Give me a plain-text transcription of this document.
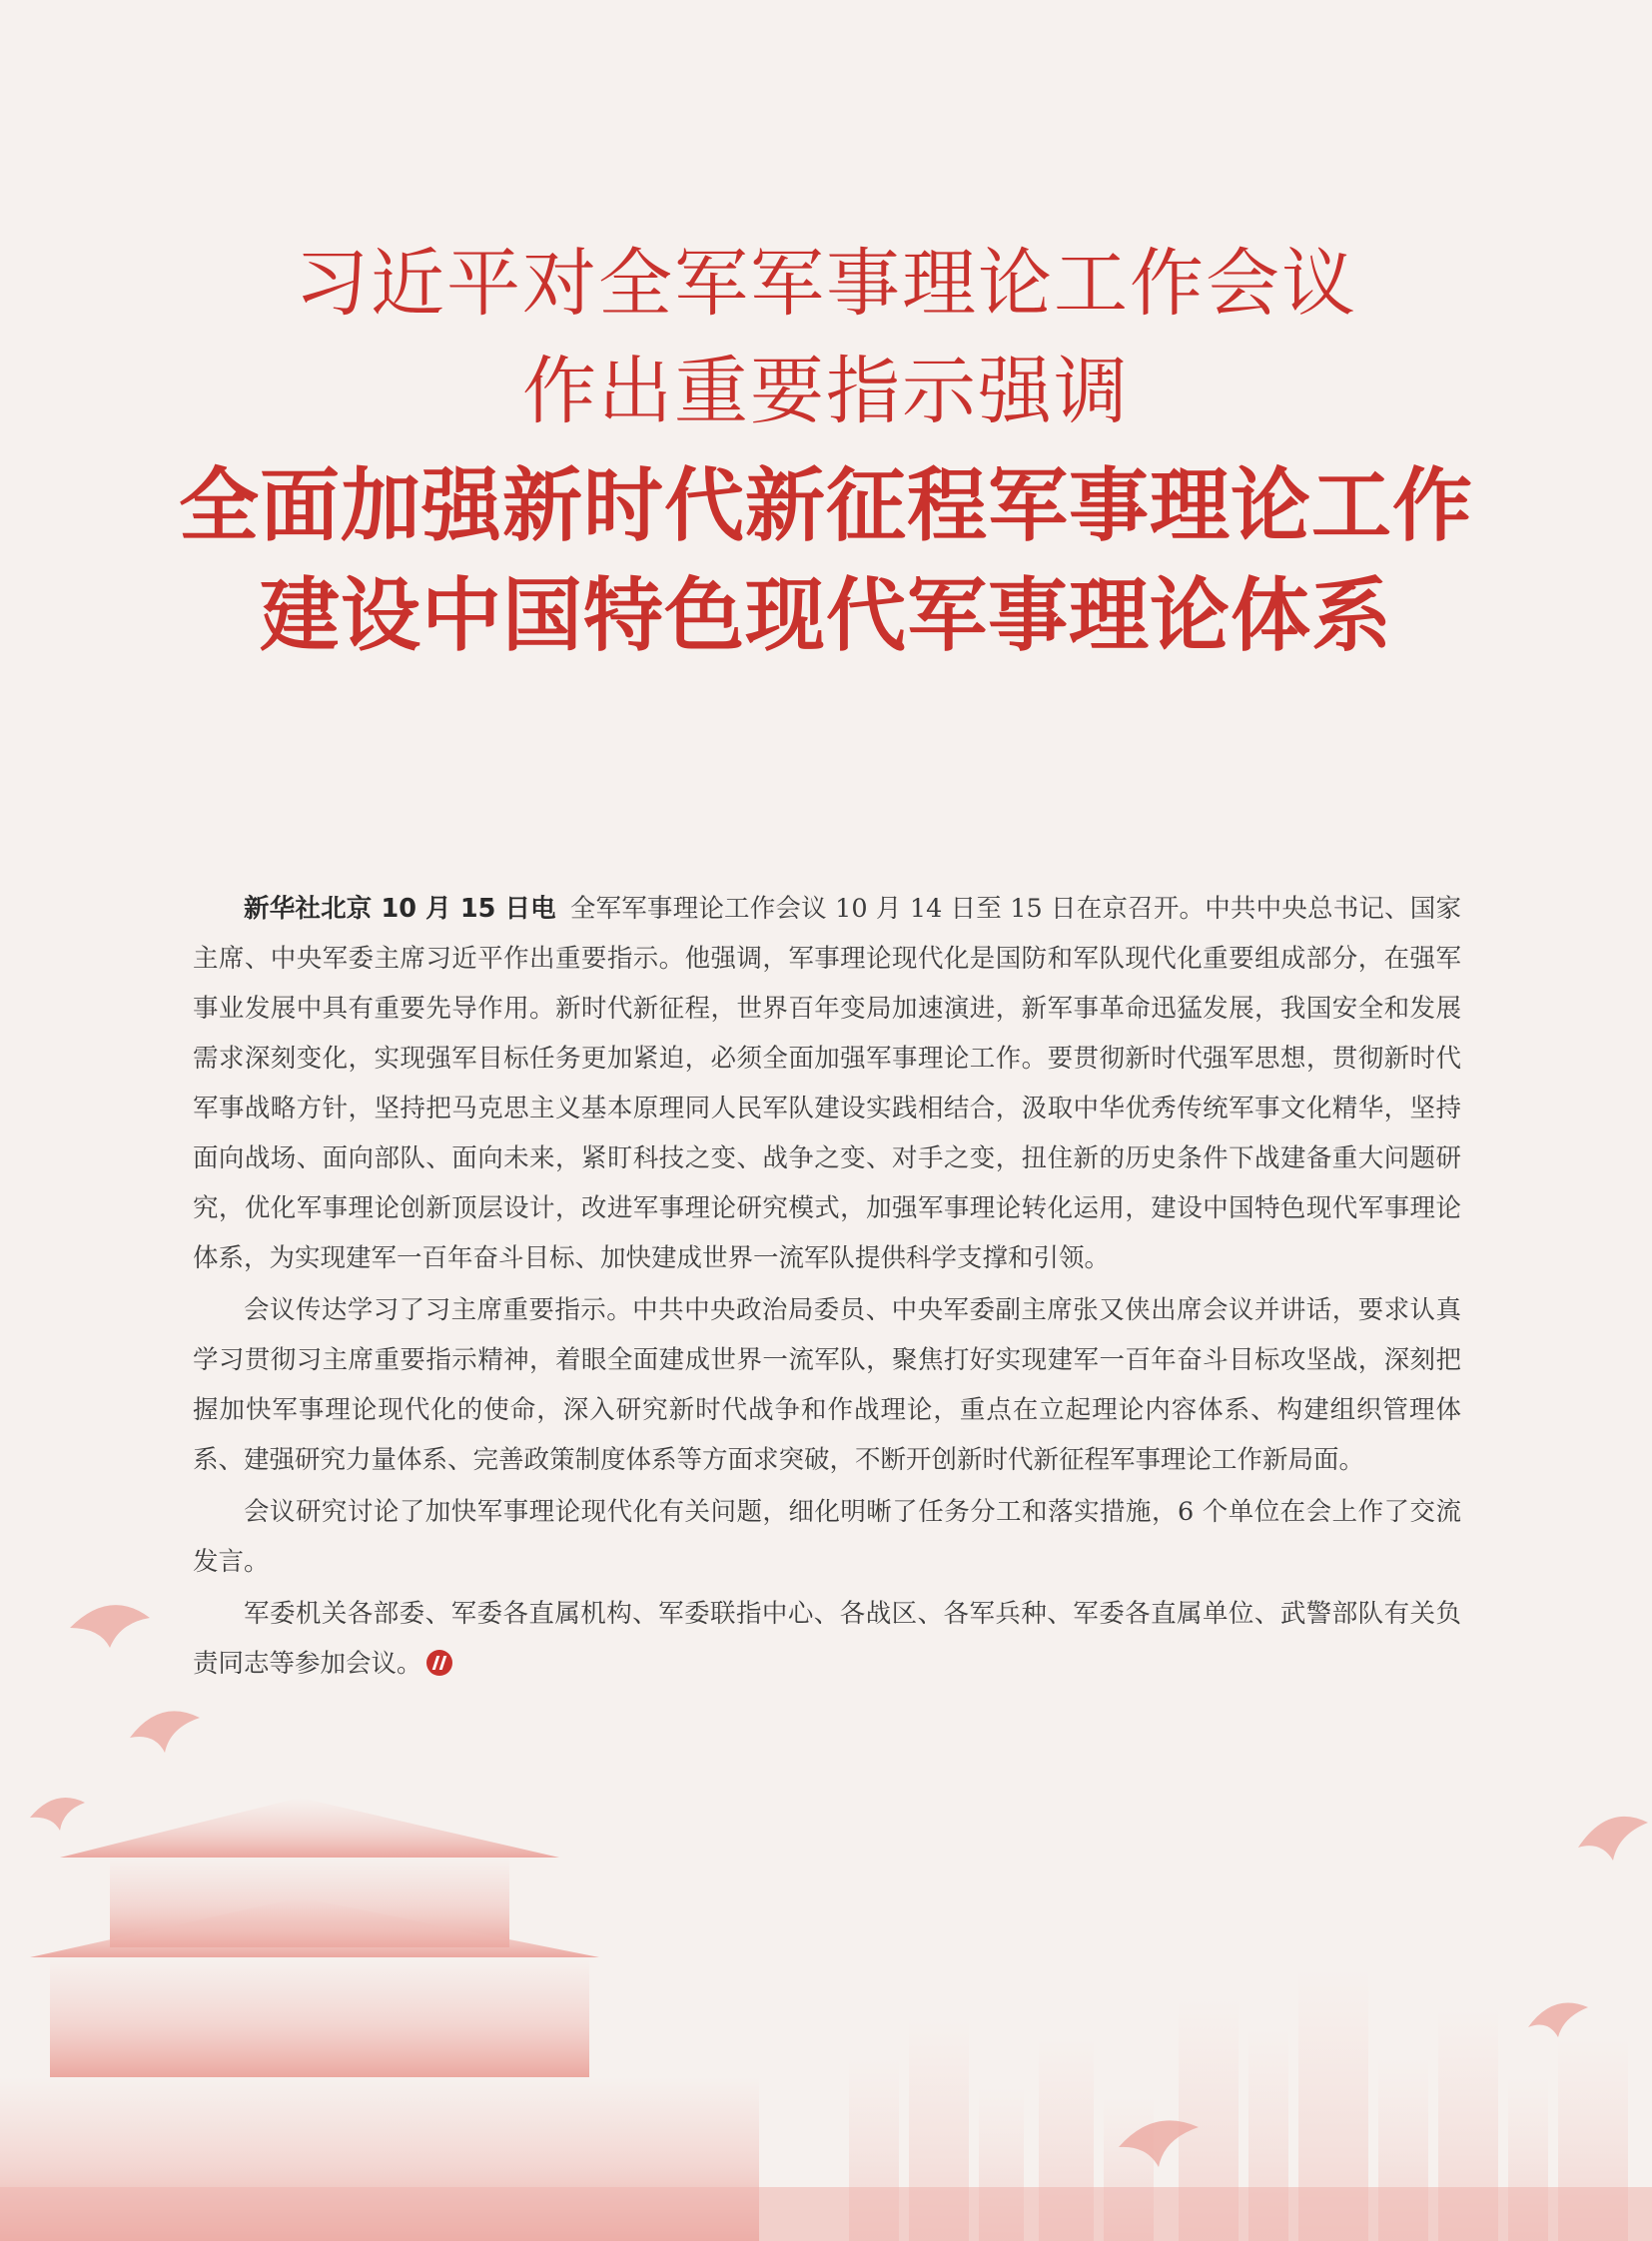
习近平对全军军事理论工作会议
作出重要指示强调
全面加强新时代新征程军事理论工作
建设中国特色现代军事理论体系

新华社北京 10 月 15 日电 全军军事理论工作会议 10 月 14 日至 15 日在京召开。中共中央总书记、国家主席、中央军委主席习近平作出重要指示。他强调，军事理论现代化是国防和军队现代化重要组成部分，在强军事业发展中具有重要先导作用。新时代新征程，世界百年变局加速演进，新军事革命迅猛发展，我国安全和发展需求深刻变化，实现强军目标任务更加紧迫，必须全面加强军事理论工作。要贯彻新时代强军思想，贯彻新时代军事战略方针，坚持把马克思主义基本原理同人民军队建设实践相结合，汲取中华优秀传统军事文化精华，坚持面向战场、面向部队、面向未来，紧盯科技之变、战争之变、对手之变，扭住新的历史条件下战建备重大问题研究，优化军事理论创新顶层设计，改进军事理论研究模式，加强军事理论转化运用，建设中国特色现代军事理论体系，为实现建军一百年奋斗目标、加快建成世界一流军队提供科学支撑和引领。

会议传达学习了习主席重要指示。中共中央政治局委员、中央军委副主席张又侠出席会议并讲话，要求认真学习贯彻习主席重要指示精神，着眼全面建成世界一流军队，聚焦打好实现建军一百年奋斗目标攻坚战，深刻把握加快军事理论现代化的使命，深入研究新时代战争和作战理论，重点在立起理论内容体系、构建组织管理体系、建强研究力量体系、完善政策制度体系等方面求突破，不断开创新时代新征程军事理论工作新局面。

会议研究讨论了加快军事理论现代化有关问题，细化明晰了任务分工和落实措施，6 个单位在会上作了交流发言。

军委机关各部委、军委各直属机构、军委联指中心、各战区、各军兵种、军委各直属单位、武警部队有关负责同志等参加会议。
